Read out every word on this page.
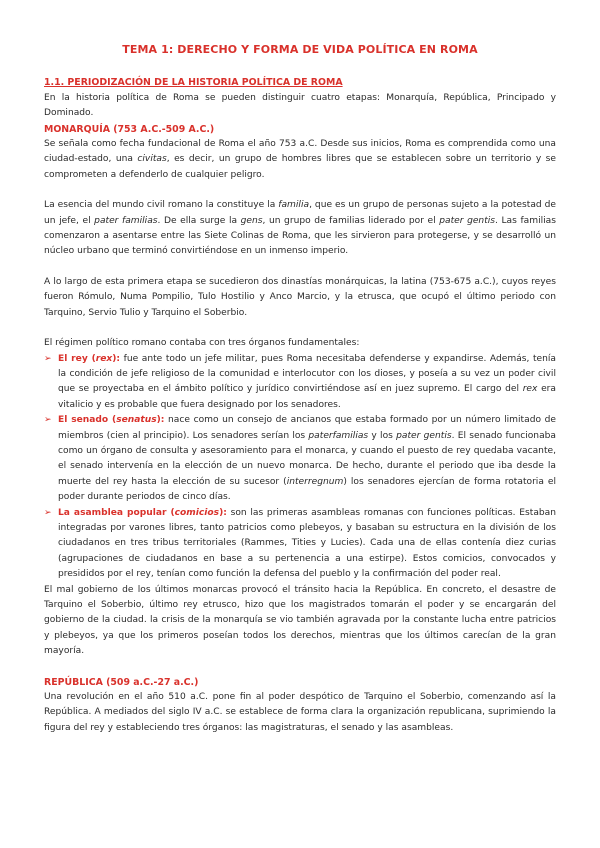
TEMA 1: DERECHO Y FORMA DE VIDA POLÍTICA EN ROMA
1.1. PERIODIZACIÓN DE LA HISTORIA POLÍTICA DE ROMA

En la historia política de Roma se pueden distinguir cuatro etapas: Monarquía, República, Principado y Dominado.

MONARQUÍA (753 A.C.-509 A.C.)

Se señala como fecha fundacional de Roma el año 753 a.C. Desde sus inicios, Roma es comprendida como una ciudad-estado, una civitas, es decir, un grupo de hombres libres que se establecen sobre un territorio y se comprometen a defenderlo de cualquier peligro.

La esencia del mundo civil romano la constituye la familia, que es un grupo de personas sujeto a la potestad de un jefe, el pater familias. De ella surge la gens, un grupo de familias liderado por el pater gentis. Las familias comenzaron a asentarse entre las Siete Colinas de Roma, que les sirvieron para protegerse, y se desarrolló un núcleo urbano que terminó convirtiéndose en un inmenso imperio.

A lo largo de esta primera etapa se sucedieron dos dinastías monárquicas, la latina (753-675 a.C.), cuyos reyes fueron Rómulo, Numa Pompilio, Tulo Hostilio y Anco Marcio, y la etrusca, que ocupó el último periodo con Tarquino, Servio Tulio y Tarquino el Soberbio.

El régimen político romano contaba con tres órganos fundamentales:

➢ El rey (rex): fue ante todo un jefe militar, pues Roma necesitaba defenderse y expandirse. Además, tenía la condición de jefe religioso de la comunidad e interlocutor con los dioses, y poseía a su vez un poder civil que se proyectaba en el ámbito político y jurídico convirtiéndose así en juez supremo. El cargo del rex era vitalicio y es probable que fuera designado por los senadores.
➢ El senado (senatus): nace como un consejo de ancianos que estaba formado por un número limitado de miembros (cien al principio). Los senadores serían los paterfamilias y los pater gentis. El senado funcionaba como un órgano de consulta y asesoramiento para el monarca, y cuando el puesto de rey quedaba vacante, el senado intervenía en la elección de un nuevo monarca. De hecho, durante el periodo que iba desde la muerte del rey hasta la elección de su sucesor (interregnum) los senadores ejercían de forma rotatoria el poder durante periodos de cinco días.
➢ La asamblea popular (comicios): son las primeras asambleas romanas con funciones políticas. Estaban integradas por varones libres, tanto patricios como plebeyos, y basaban su estructura en la división de los ciudadanos en tres tribus territoriales (Rammes, Tities y Lucies). Cada una de ellas contenía diez curias (agrupaciones de ciudadanos en base a su pertenencia a una estirpe). Estos comicios, convocados y presididos por el rey, tenían como función la defensa del pueblo y la confirmación del poder real.

El mal gobierno de los últimos monarcas provocó el tránsito hacia la República. En concreto, el desastre de Tarquino el Soberbio, último rey etrusco, hizo que los magistrados tomarán el poder y se encargarán del gobierno de la ciudad. la crisis de la monarquía se vio también agravada por la constante lucha entre patricios y plebeyos, ya que los primeros poseían todos los derechos, mientras que los últimos carecían de la gran mayoría.

REPÚBLICA (509 a.C.-27 a.C.)

Una revolución en el año 510 a.C. pone fin al poder despótico de Tarquino el Soberbio, comenzando así la República. A mediados del siglo IV a.C. se establece de forma clara la organización republicana, suprimiendo la figura del rey y estableciendo tres órganos: las magistraturas, el senado y las asambleas.
